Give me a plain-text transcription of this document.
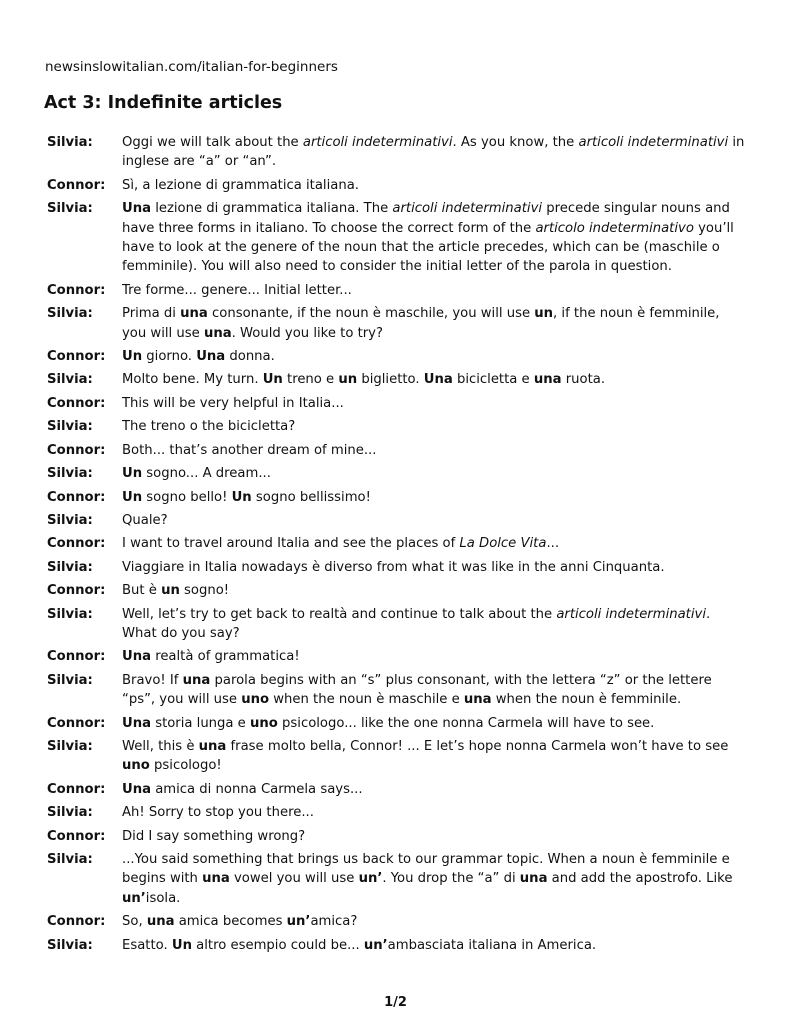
newsinslowitalian.com/italian-for-beginners
Act 3: Indefinite articles
Silvia:	Oggi we will talk about the articoli indeterminativi. As you know, the articoli indeterminativi in inglese are “a” or “an”.
Connor:	Sì, a lezione di grammatica italiana.
Silvia:	Una lezione di grammatica italiana. The articoli indeterminativi precede singular nouns and have three forms in italiano. To choose the correct form of the articolo indeterminativo you’ll have to look at the genere of the noun that the article precedes, which can be (maschile o femminile). You will also need to consider the initial letter of the parola in question.
Connor:	Tre forme... genere... Initial letter...
Silvia:	Prima di una consonante, if the noun è maschile, you will use un, if the noun è femminile, you will use una. Would you like to try?
Connor:	Un giorno. Una donna.
Silvia:	Molto bene. My turn. Un treno e un biglietto. Una bicicletta e una ruota.
Connor:	This will be very helpful in Italia...
Silvia:	The treno o the bicicletta?
Connor:	Both... that’s another dream of mine...
Silvia:	Un sogno... A dream...
Connor:	Un sogno bello! Un sogno bellissimo!
Silvia:	Quale?
Connor:	I want to travel around Italia and see the places of La Dolce Vita...
Silvia:	Viaggiare in Italia nowadays è diverso from what it was like in the anni Cinquanta.
Connor:	But è un sogno!
Silvia:	Well, let’s try to get back to realtà and continue to talk about the articoli indeterminativi. What do you say?
Connor:	Una realtà of grammatica!
Silvia:	Bravo! If una parola begins with an “s” plus consonant, with the lettera “z” or the lettere “ps”, you will use uno when the noun è maschile e una when the noun è femminile.
Connor:	Una storia lunga e uno psicologo... like the one nonna Carmela will have to see.
Silvia:	Well, this è una frase molto bella, Connor! ... E let’s hope nonna Carmela won’t have to see uno psicologo!
Connor:	Una amica di nonna Carmela says...
Silvia:	Ah! Sorry to stop you there...
Connor:	Did I say something wrong?
Silvia:	...You said something that brings us back to our grammar topic. When a noun è femminile e begins with una vowel you will use un’. You drop the “a” di una and add the apostrofo. Like un’isola.
Connor:	So, una amica becomes un’amica?
Silvia:	Esatto. Un altro esempio could be... un’ambasciata italiana in America.
1/2
